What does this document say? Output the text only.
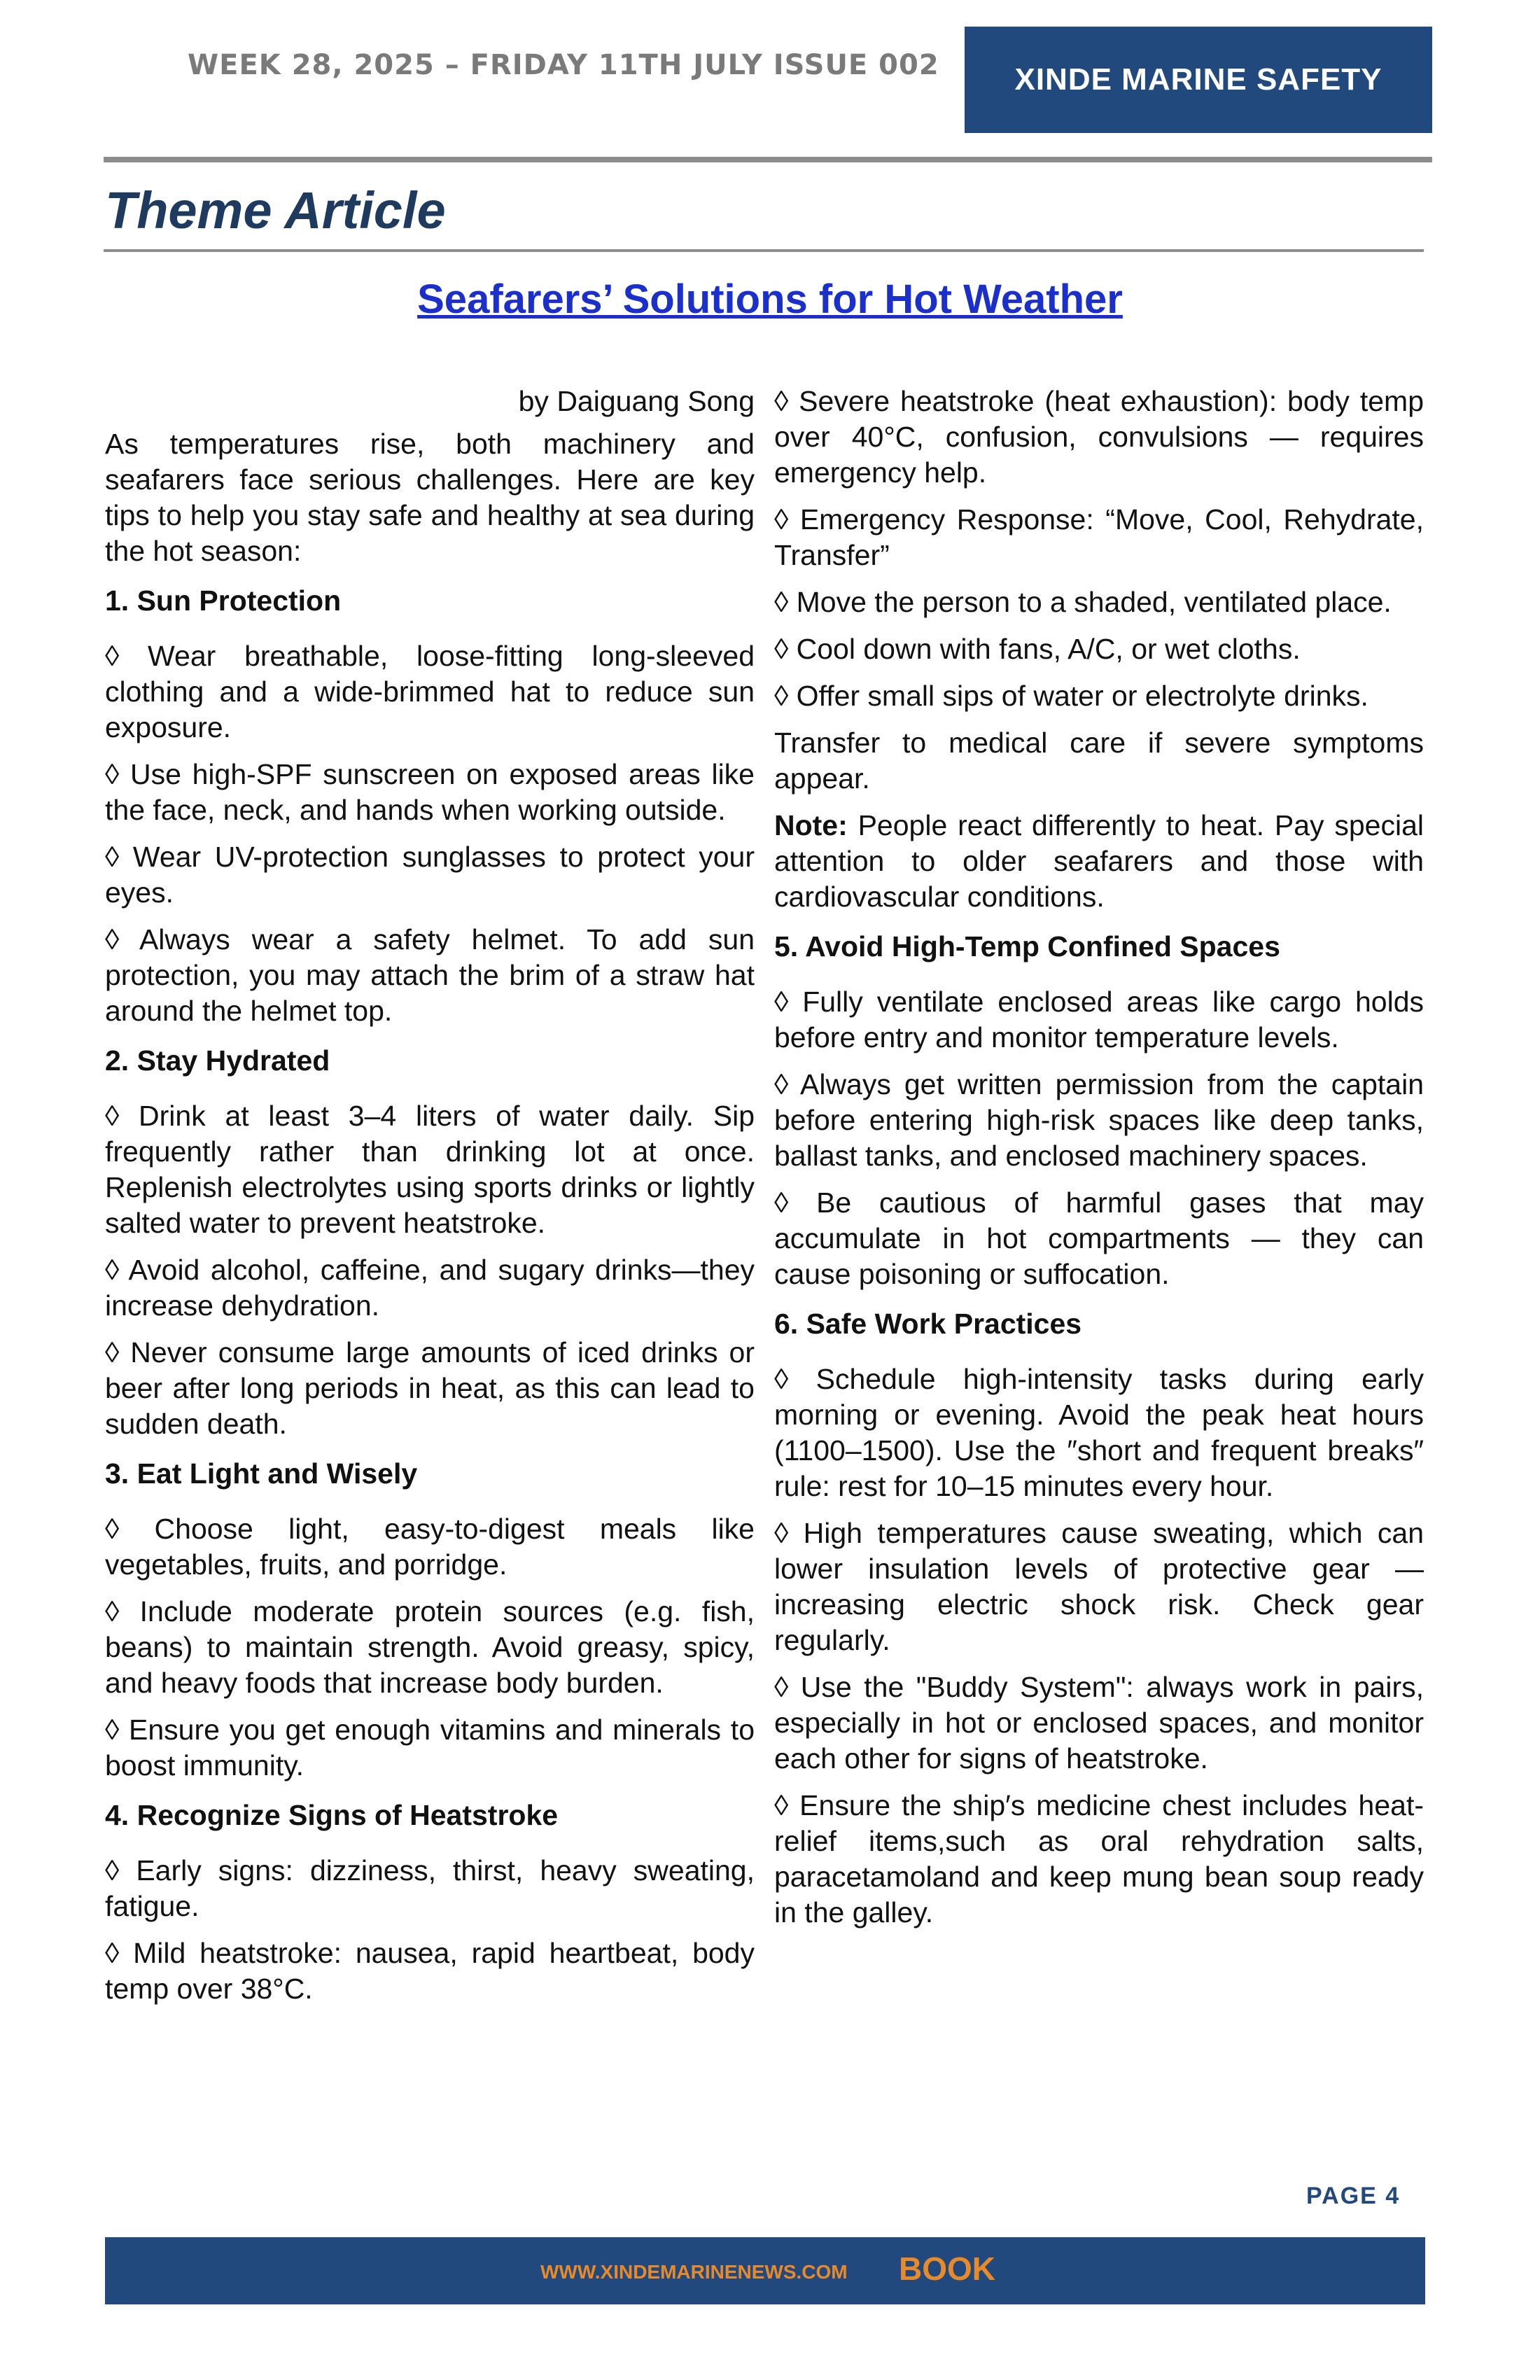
WEEK 28, 2025 – FRIDAY 11TH JULY ISSUE 002	XINDE MARINE SAFETY
Theme Article
Seafarers’ Solutions for Hot Weather

by Daiguang Song

As temperatures rise, both machinery and seafarers face serious challenges. Here are key tips to help you stay safe and healthy at sea during the hot season:

1. Sun Protection

◊ Wear breathable, loose-fitting long-sleeved clothing and a wide-brimmed hat to reduce sun exposure.

◊ Use high-SPF sunscreen on exposed areas like the face, neck, and hands when working outside.

◊ Wear UV-protection sunglasses to protect your eyes.

◊ Always wear a safety helmet. To add sun protection, you may attach the brim of a straw hat around the helmet top.

2. Stay Hydrated

◊ Drink at least 3–4 liters of water daily. Sip frequently rather than drinking lot at once. Replenish electrolytes using sports drinks or lightly salted water to prevent heatstroke.

◊ Avoid alcohol, caffeine, and sugary drinks—they increase dehydration.

◊ Never consume large amounts of iced drinks or beer after long periods in heat, as this can lead to sudden death.

3. Eat Light and Wisely

◊ Choose light, easy-to-digest meals like vegetables, fruits, and porridge.

◊ Include moderate protein sources (e.g. fish, beans) to maintain strength. Avoid greasy, spicy, and heavy foods that increase body burden.

◊ Ensure you get enough vitamins and minerals to boost immunity.

4. Recognize Signs of Heatstroke

◊ Early signs: dizziness, thirst, heavy sweating, fatigue.

◊ Mild heatstroke: nausea, rapid heartbeat, body temp over 38°C.

◊ Severe heatstroke (heat exhaustion): body temp over 40°C, confusion, convulsions — requires emergency help.

◊ Emergency Response: “Move, Cool, Rehydrate, Transfer”

◊ Move the person to a shaded, ventilated place.

◊ Cool down with fans, A/C, or wet cloths.

◊ Offer small sips of water or electrolyte drinks.

Transfer to medical care if severe symptoms appear.

Note: People react differently to heat. Pay special attention to older seafarers and those with cardiovascular conditions.

5. Avoid High-Temp Confined Spaces

◊ Fully ventilate enclosed areas like cargo holds before entry and monitor temperature levels.

◊ Always get written permission from the captain before entering high-risk spaces like deep tanks, ballast tanks, and enclosed machinery spaces.

◊ Be cautious of harmful gases that may accumulate in hot compartments — they can cause poisoning or suffocation.

6. Safe Work Practices

◊ Schedule high-intensity tasks during early morning or evening. Avoid the peak heat hours (1100–1500). Use the ″short and frequent breaks″ rule: rest for 10–15 minutes every hour.

◊ High temperatures cause sweating, which can lower insulation levels of protective gear — increasing electric shock risk. Check gear regularly.

◊ Use the "Buddy System": always work in pairs, especially in hot or enclosed spaces, and monitor each other for signs of heatstroke.

◊ Ensure the ship′s medicine chest includes heat-relief items,such as oral rehydration salts, paracetamoland and keep mung bean soup ready in the galley.

PAGE 4
WWW.XINDEMARINENEWS.COM BOOK
